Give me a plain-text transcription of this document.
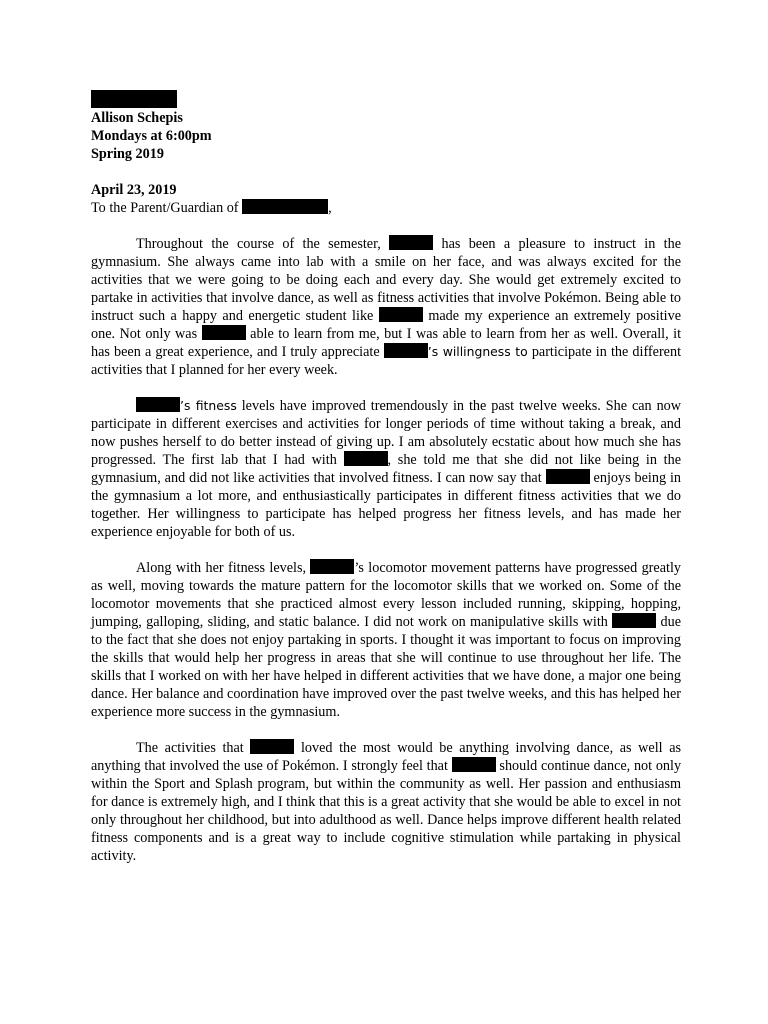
Allison Schepis
Mondays at 6:00pm
Spring 2019
April 23, 2019
To the Parent/Guardian of	,

Throughout the course of the semester,	has been a pleasure to instruct in the gymnasium. She always came into lab with a smile on her face, and was always excited for the activities that we were going to be doing each and every day. She would get extremely excited to partake in activities that involve dance, as well as fitness activities that involve Pokémon. Being able to instruct such a happy and energetic student like	made my experience an extremely positive one. Not only was	able to learn from me, but I was able to learn from her as well. Overall, it has been a great experience, and I truly appreciate	’s willingness to participate in the different activities that I planned for her every week.

’s fitness levels have improved tremendously in the past twelve weeks. She can now participate in different exercises and activities for longer periods of time without taking a break, and now pushes herself to do better instead of giving up. I am absolutely ecstatic about how much she has progressed. The first lab that I had with	, she told me that she did not like being in the gymnasium, and did not like activities that involved fitness. I can now say that	enjoys being in the gymnasium a lot more, and enthusiastically participates in different fitness activities that we do together. Her willingness to participate has helped progress her fitness levels, and has made her experience enjoyable for both of us.

Along with her fitness levels,	’s locomotor movement patterns have progressed greatly as well, moving towards the mature pattern for the locomotor skills that we worked on. Some of the locomotor movements that she practiced almost every lesson included running, skipping, hopping, jumping, galloping, sliding, and static balance. I did not work on manipulative skills with	due to the fact that she does not enjoy partaking in sports. I thought it was important to focus on improving the skills that would help her progress in areas that she will continue to use throughout her life. The skills that I worked on with her have helped in different activities that we have done, a major one being dance. Her balance and coordination have improved over the past twelve weeks, and this has helped her experience more success in the gymnasium.

The activities that	loved the most would be anything involving dance, as well as anything that involved the use of Pokémon. I strongly feel that	should continue dance, not only within the Sport and Splash program, but within the community as well. Her passion and enthusiasm for dance is extremely high, and I think that this is a great activity that she would be able to excel in not only throughout her childhood, but into adulthood as well. Dance helps improve different health related fitness components and is a great way to include cognitive stimulation while partaking in physical activity.
